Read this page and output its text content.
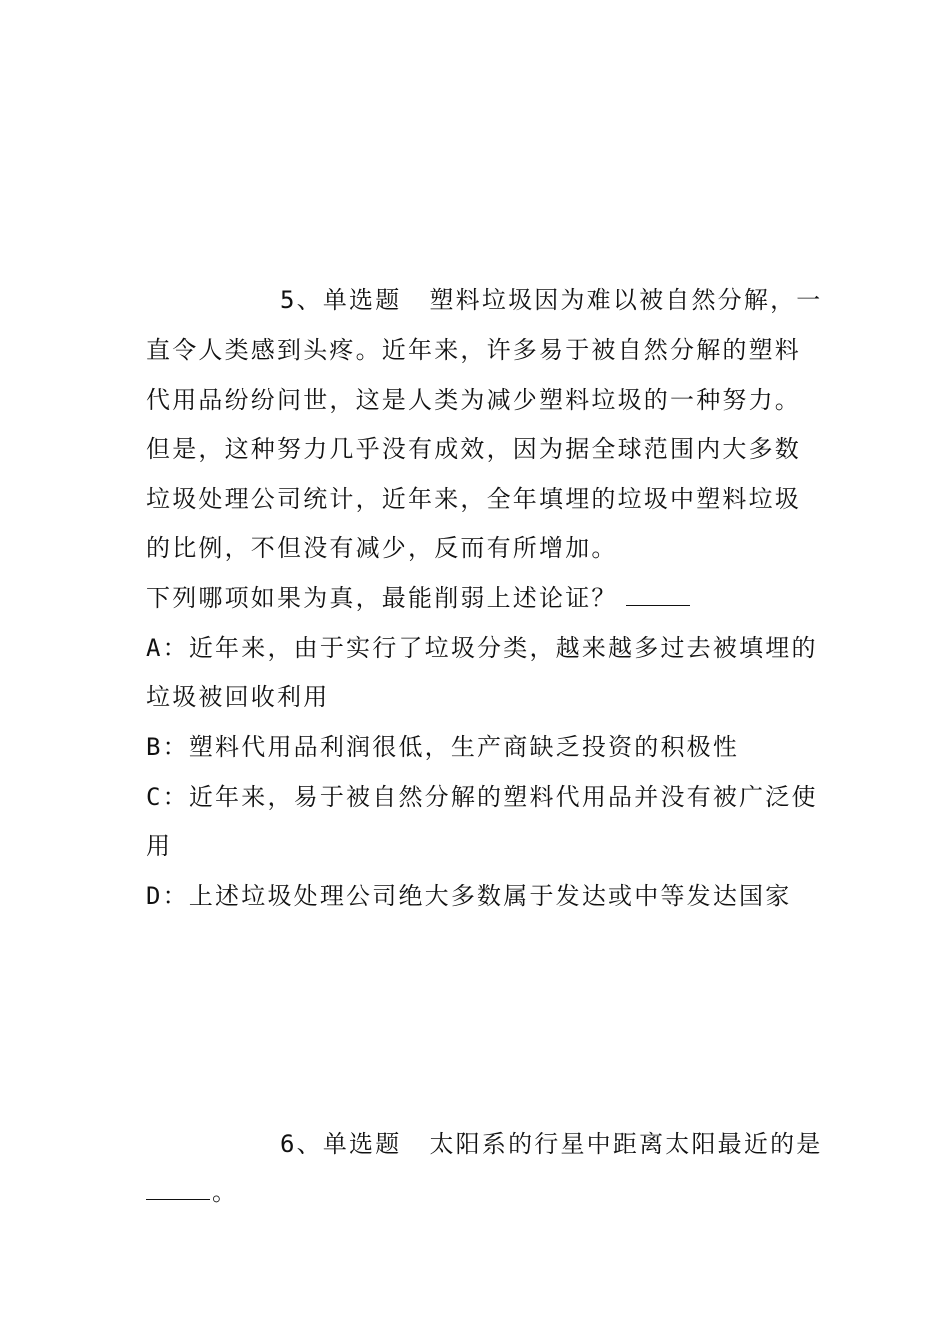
5、单选题 塑料垃圾因为难以被自然分解，一
直令人类感到头疼。近年来，许多易于被自然分解的塑料
代用品纷纷问世，这是人类为减少塑料垃圾的一种努力。
但是，这种努力几乎没有成效，因为据全球范围内大多数
垃圾处理公司统计，近年来，全年填埋的垃圾中塑料垃圾
的比例，不但没有减少，反而有所增加。
下列哪项如果为真，最能削弱上述论证？
A：近年来，由于实行了垃圾分类，越来越多过去被填埋的
垃圾被回收利用
B：塑料代用品利润很低，生产商缺乏投资的积极性
C：近年来，易于被自然分解的塑料代用品并没有被广泛使
用
D：上述垃圾处理公司绝大多数属于发达或中等发达国家
6、单选题 太阳系的行星中距离太阳最近的是
。
